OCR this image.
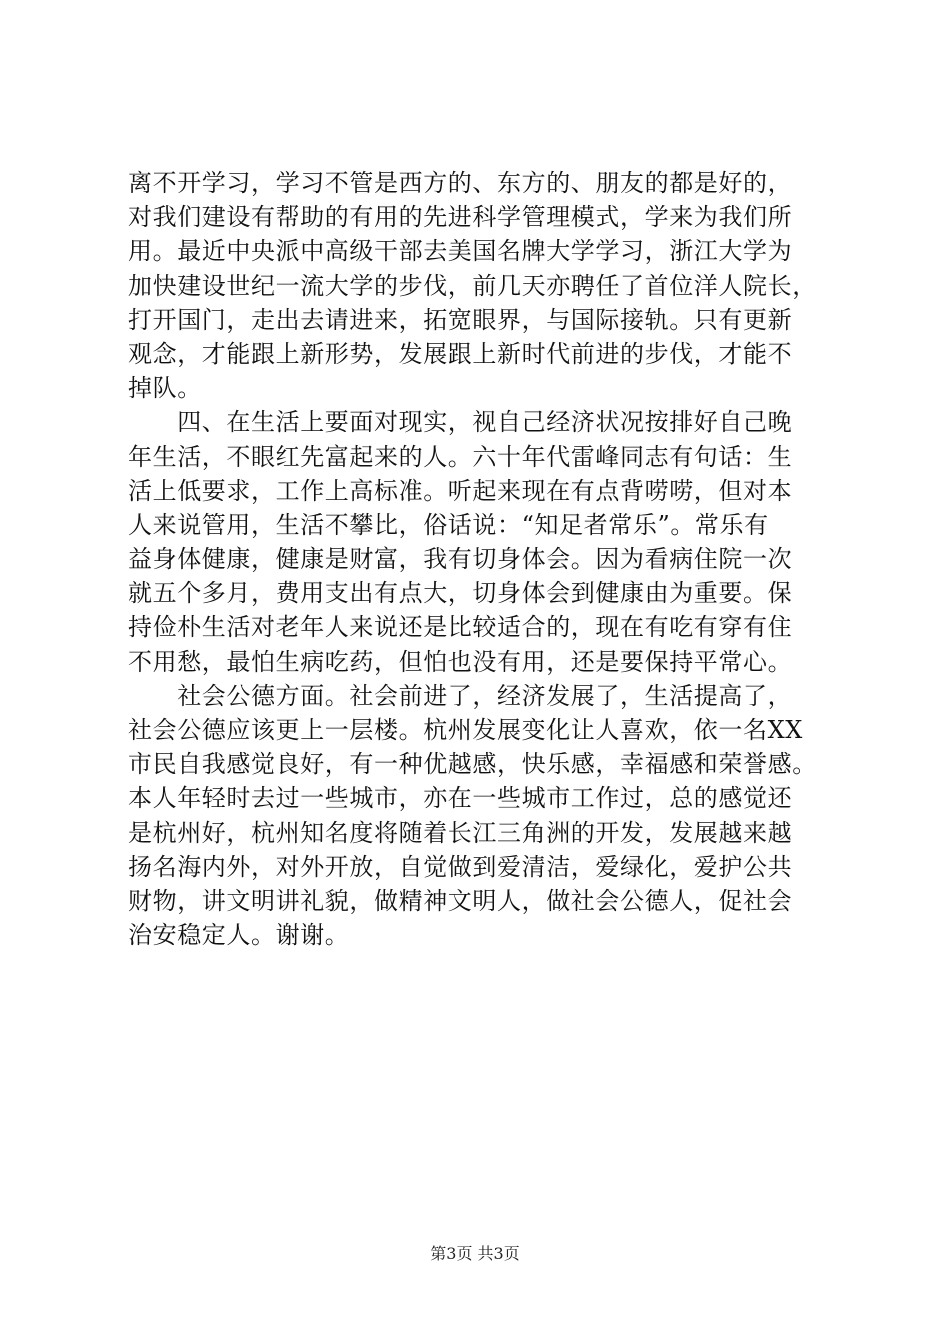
离不开学习，学习不管是西方的、东方的、朋友的都是好的，
对我们建设有帮助的有用的先进科学管理模式，学来为我们所
用。最近中央派中高级干部去美国名牌大学学习，浙江大学为
加快建设世纪一流大学的步伐，前几天亦聘任了首位洋人院长，
打开国门，走出去请进来，拓宽眼界，与国际接轨。只有更新
观念，才能跟上新形势，发展跟上新时代前进的步伐，才能不
掉队。
　　四、在生活上要面对现实，视自己经济状况按排好自己晚
年生活，不眼红先富起来的人。六十年代雷峰同志有句话：生
活上低要求，工作上高标准。听起来现在有点背唠唠，但对本
人来说管用，生活不攀比，俗话说：“知足者常乐”。常乐有
益身体健康，健康是财富，我有切身体会。因为看病住院一次
就五个多月，费用支出有点大，切身体会到健康由为重要。保
持俭朴生活对老年人来说还是比较适合的，现在有吃有穿有住
不用愁，最怕生病吃药，但怕也没有用，还是要保持平常心。
　　社会公德方面。社会前进了，经济发展了，生活提高了，
社会公德应该更上一层楼。杭州发展变化让人喜欢，依一名XX
市民自我感觉良好，有一种优越感，快乐感，幸福感和荣誉感。
本人年轻时去过一些城市，亦在一些城市工作过，总的感觉还
是杭州好，杭州知名度将随着长江三角洲的开发，发展越来越
扬名海内外，对外开放，自觉做到爱清洁，爱绿化，爱护公共
财物，讲文明讲礼貌，做精神文明人，做社会公德人，促社会
治安稳定人。谢谢。
第3页 共3页
